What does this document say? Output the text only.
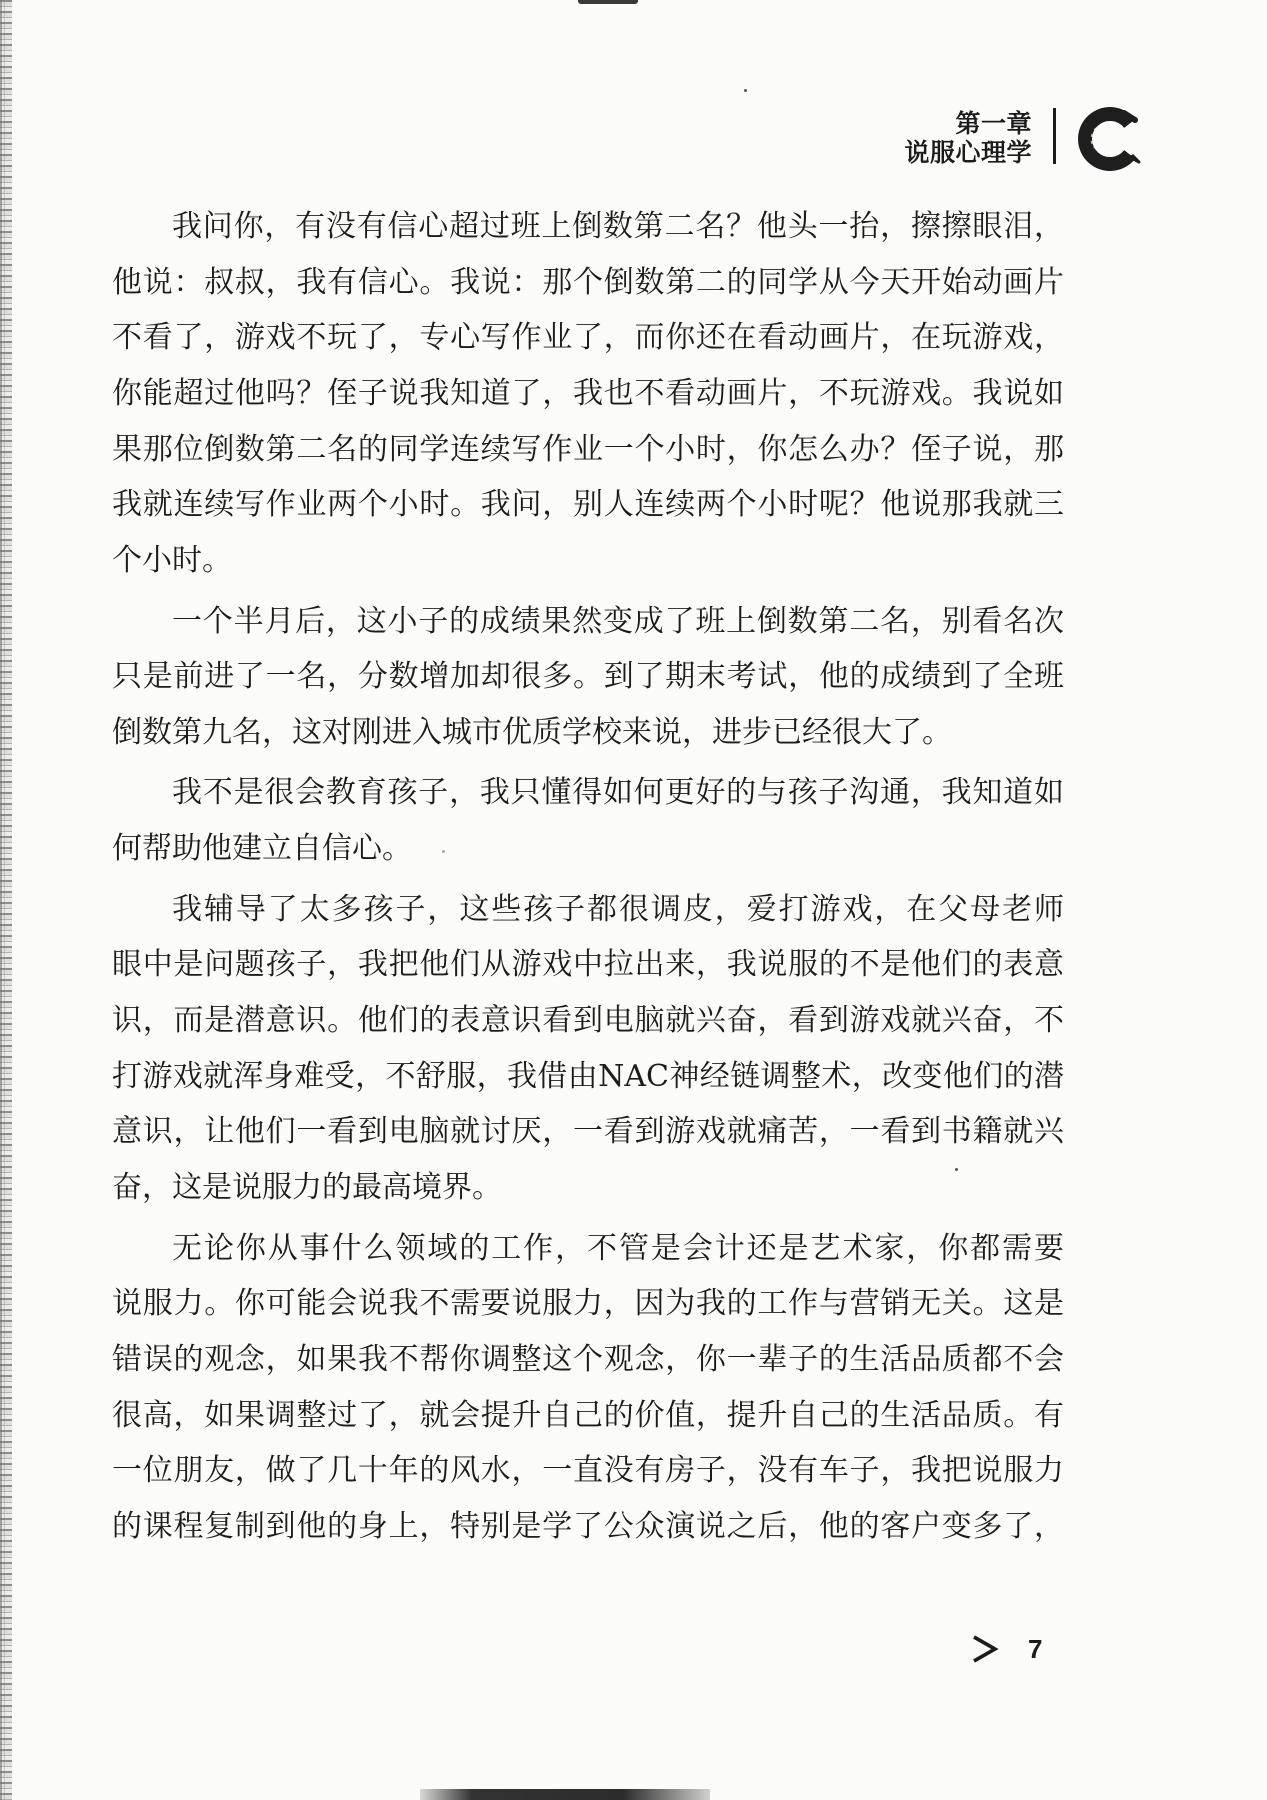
第一章
说服心理学
我问你，有没有信心超过班上倒数第二名？他头一抬，擦擦眼泪，
他说：叔叔，我有信心。我说：那个倒数第二的同学从今天开始动画片
不看了，游戏不玩了，专心写作业了，而你还在看动画片，在玩游戏，
你能超过他吗？侄子说我知道了，我也不看动画片，不玩游戏。我说如
果那位倒数第二名的同学连续写作业一个小时，你怎么办？侄子说，那
我就连续写作业两个小时。我问，别人连续两个小时呢？他说那我就三
个小时。
一个半月后，这小子的成绩果然变成了班上倒数第二名，别看名次
只是前进了一名，分数增加却很多。到了期末考试，他的成绩到了全班
倒数第九名，这对刚进入城市优质学校来说，进步已经很大了。
我不是很会教育孩子，我只懂得如何更好的与孩子沟通，我知道如
何帮助他建立自信心。
我辅导了太多孩子，这些孩子都很调皮，爱打游戏，在父母老师
眼中是问题孩子，我把他们从游戏中拉出来，我说服的不是他们的表意
识，而是潜意识。他们的表意识看到电脑就兴奋，看到游戏就兴奋，不
打游戏就浑身难受，不舒服，我借由NAC神经链调整术，改变他们的潜
意识，让他们一看到电脑就讨厌，一看到游戏就痛苦，一看到书籍就兴
奋，这是说服力的最高境界。
无论你从事什么领域的工作，不管是会计还是艺术家，你都需要
说服力。你可能会说我不需要说服力，因为我的工作与营销无关。这是
错误的观念，如果我不帮你调整这个观念，你一辈子的生活品质都不会
很高，如果调整过了，就会提升自己的价值，提升自己的生活品质。有
一位朋友，做了几十年的风水，一直没有房子，没有车子，我把说服力
的课程复制到他的身上，特别是学了公众演说之后，他的客户变多了，
7
